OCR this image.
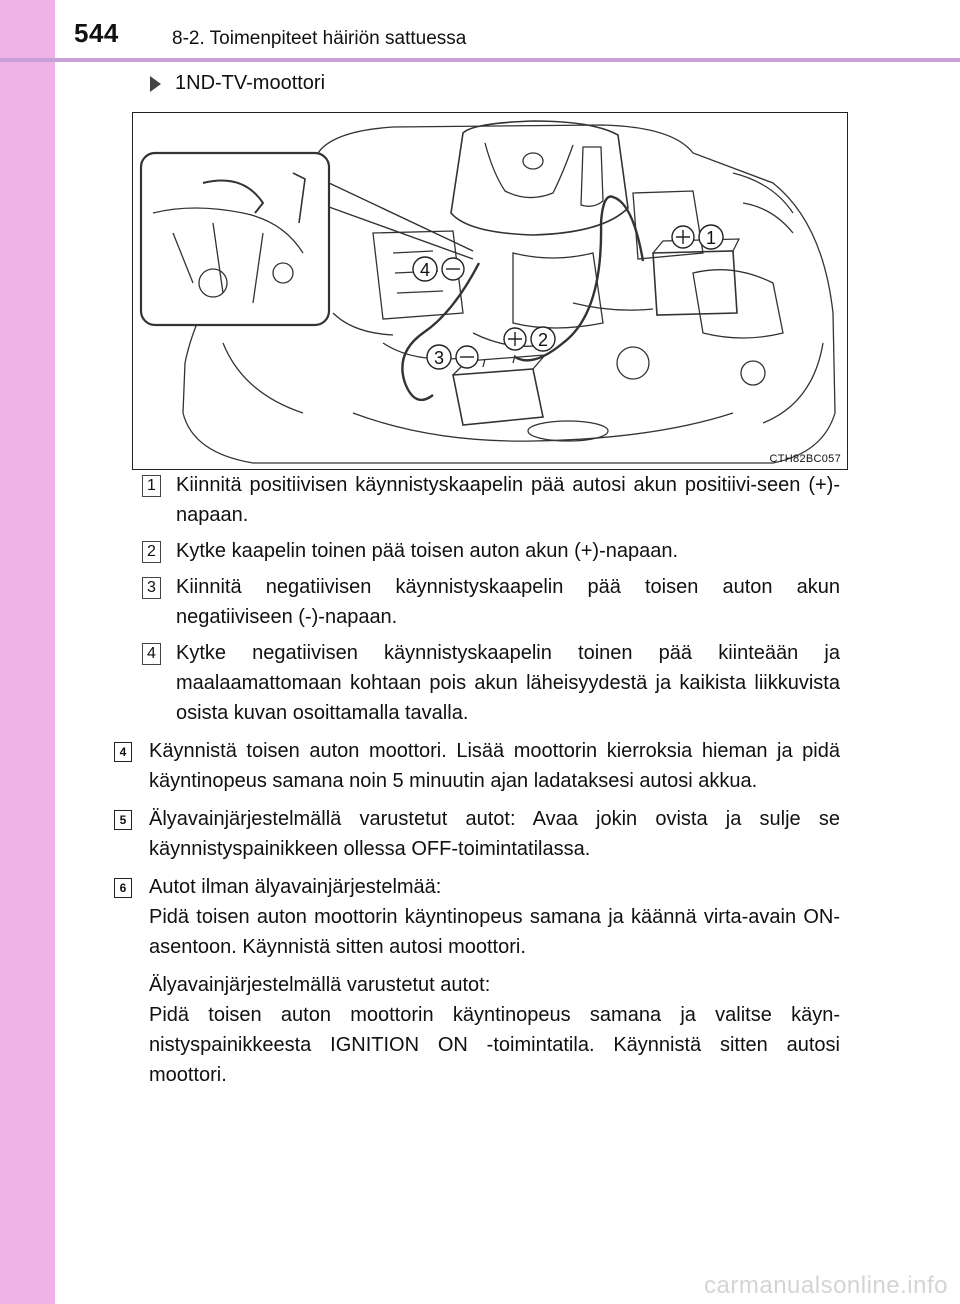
544	8-2. Toimenpiteet häiriön sattuessa
1ND-TV-moottori
1
2
3
4
CTH82BC057
1 Kiinnitä positiivisen käynnistyskaapelin pää autosi akun positiivi-seen (+)-napaan.
2 Kytke kaapelin toinen pää toisen auton akun (+)-napaan.
3 Kiinnitä negatiivisen käynnistyskaapelin pää toisen auton akun negatiiviseen (-)-napaan.
4 Kytke negatiivisen käynnistyskaapelin toinen pää kiinteään ja maalaamattomaan kohtaan pois akun läheisyydestä ja kaikista liikkuvista osista kuvan osoittamalla tavalla.
4 Käynnistä toisen auton moottori. Lisää moottorin kierroksia hieman ja pidä käyntinopeus samana noin 5 minuutin ajan ladataksesi autosi akkua.

5 Älyavainjärjestelmällä varustetut autot: Avaa jokin ovista ja sulje se käynnistyspainikkeen ollessa OFF-toimintatilassa.

6 Autot ilman älyavainjärjestelmää:
Pidä toisen auton moottorin käyntinopeus samana ja käännä virta-avain ON-asentoon. Käynnistä sitten autosi moottori.

Älyavainjärjestelmällä varustetut autot:
Pidä toisen auton moottorin käyntinopeus samana ja valitse käyn-nistyspainikkeesta IGNITION ON -toimintatila. Käynnistä sitten autosi moottori.

carmanualsonline.info
